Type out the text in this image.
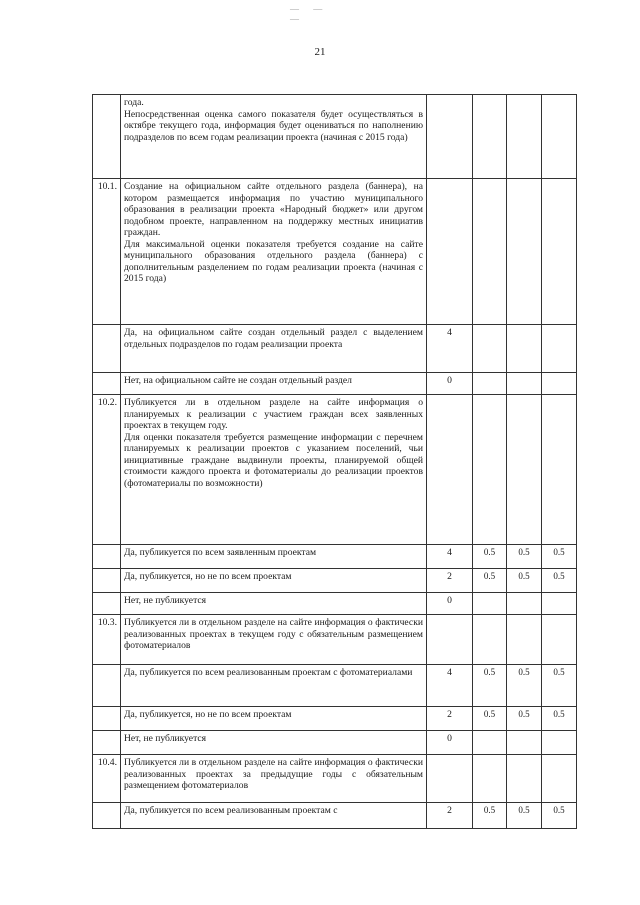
— — —
21

	года.

Непосредственная оценка самого показателя будет осуществляться в октябре текущего года, информация будет оцениваться по наполнению подразделов по всем годам реализации проекта (начиная с 2015 года)				

10.1.	Создание на официальном сайте отдельного раздела (баннера), на котором размещается информация по участию муниципального образования в реализации проекта «Народный бюджет» или другом подобном проекте, направленном на поддержку местных инициатив граждан.

Для максимальной оценки показателя требуется создание на сайте муниципального образования отдельного раздела (баннера) с дополнительным разделением по годам реализации проекта (начиная с 2015 года)				

	Да, на официальном сайте создан отдельный раздел с выделением отдельных подразделов по годам реализации проекта	4			

	Нет, на официальном сайте не создан отдельный раздел	0			
10.2.	Публикуется ли в отдельном разделе на сайте информация о планируемых к реализации с участием граждан всех заявленных проектах в текущем году.

Для оценки показателя требуется размещение информации с перечнем планируемых к реализации проектов с указанием поселений, чьи инициативные граждане выдвинули проекты, планируемой общей стоимости каждого проекта и фотоматериалы до реализации проектов (фотоматериалы по возможности)				

	Да, публикуется по всем заявленным проектам	4	0.5	0.5	0.5

	Да, публикуется, но не по всем проектам	2	0.5	0.5	0.5

	Нет, не публикуется	0			
10.3.	Публикуется ли в отдельном разделе на сайте информация о фактически реализованных проектах в текущем году с обязательным размещением фотоматериалов				

	Да, публикуется по всем реализованным проектам с фотоматериалами	4	0.5	0.5	0.5

	Да, публикуется, но не по всем проектам	2	0.5	0.5	0.5

	Нет, не публикуется	0			
10.4.	Публикуется ли в отдельном разделе на сайте информация о фактически реализованных проектах за предыдущие годы с обязательным размещением фотоматериалов				

	Да, публикуется по всем реализованным проектам с	2	0.5	0.5	0.5
